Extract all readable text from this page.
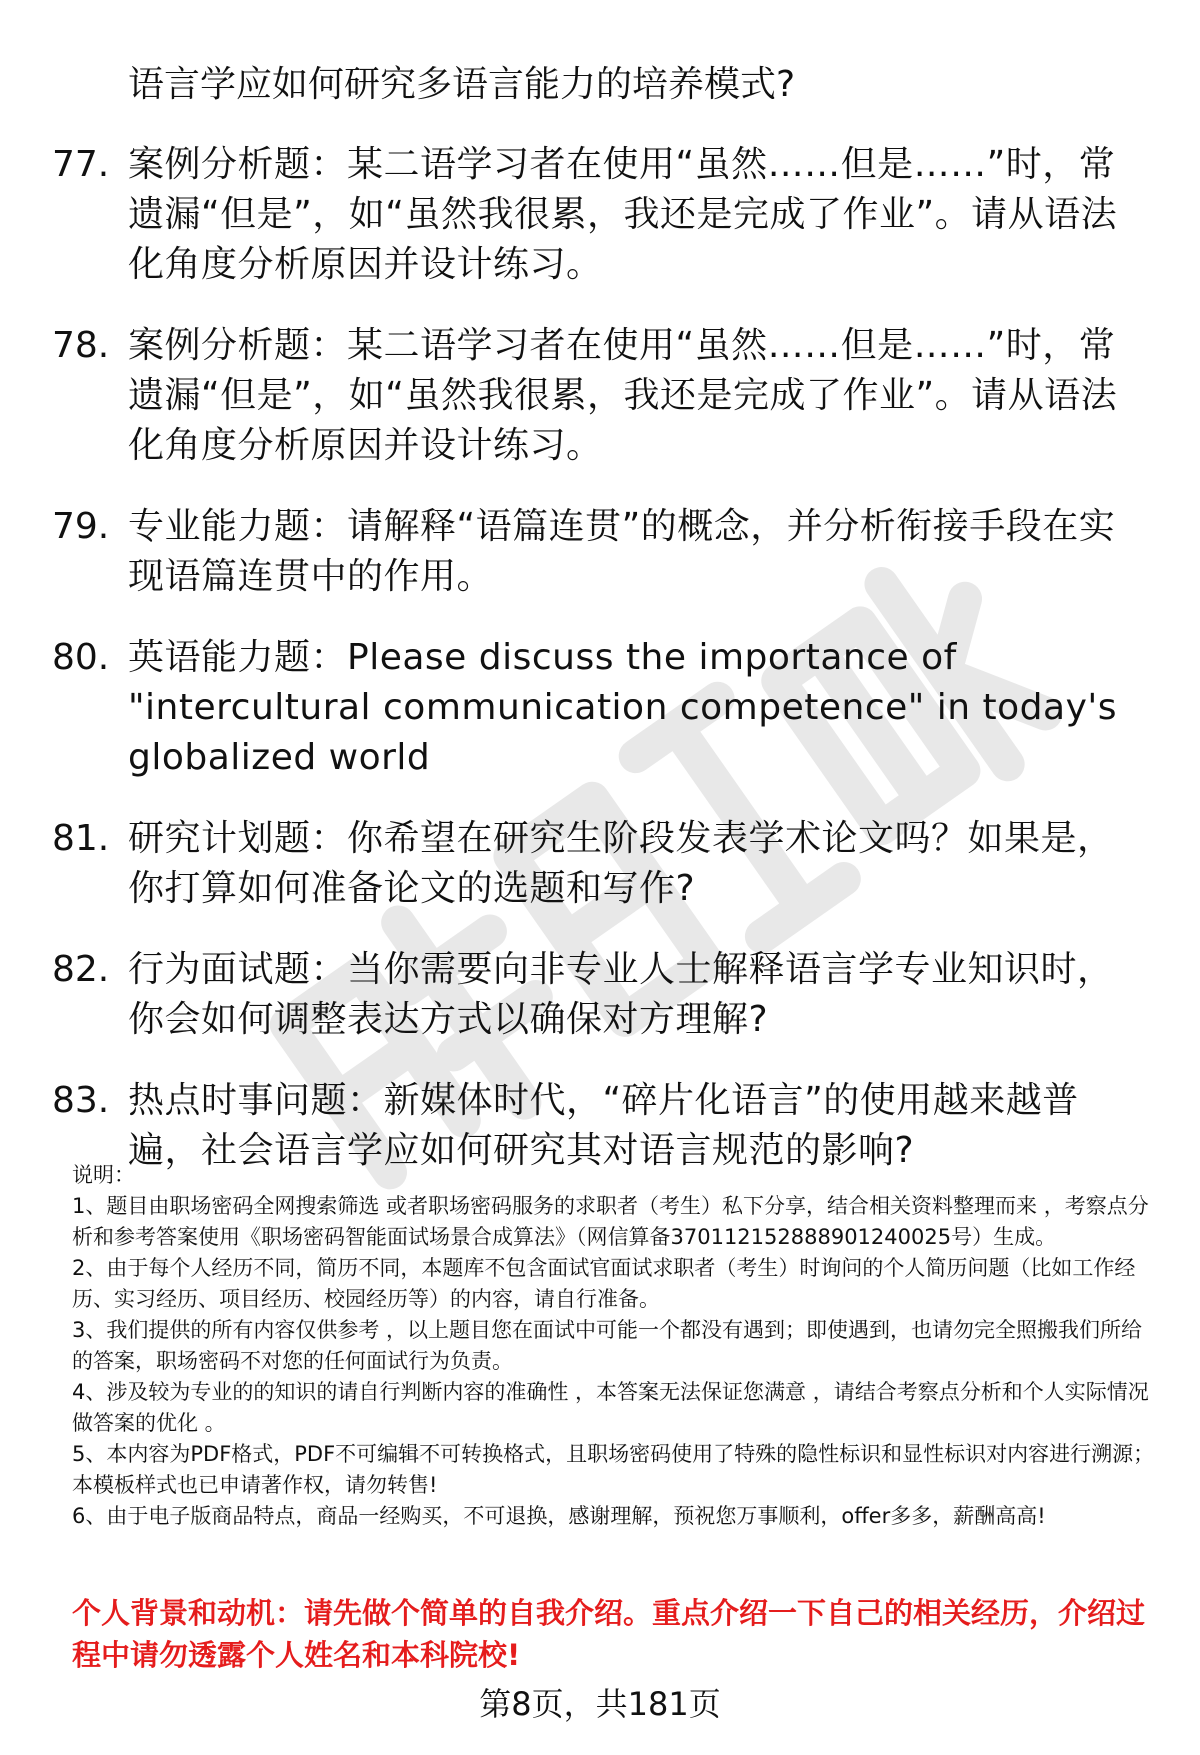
语言学应如何研究多语言能力的培养模式?
77. 案例分析题：某二语学习者在使用“虽然……但是……”时，常遗漏“但是”，如“虽然我很累，我还是完成了作业”。请从语法化角度分析原因并设计练习。
78. 案例分析题：某二语学习者在使用“虽然……但是……”时，常遗漏“但是”，如“虽然我很累，我还是完成了作业”。请从语法化角度分析原因并设计练习。
79. 专业能力题：请解释“语篇连贯”的概念，并分析衔接手段在实现语篇连贯中的作用。
80. 英语能力题：Please discuss the importance of "intercultural communication competence" in today's globalized world
81. 研究计划题：你希望在研究生阶段发表学术论文吗？如果是，你打算如何准备论文的选题和写作?
82. 行为面试题：当你需要向非专业人士解释语言学专业知识时，你会如何调整表达方式以确保对方理解?
83. 热点时事问题：新媒体时代，“碎片化语言”的使用越来越普遍，社会语言学应如何研究其对语言规范的影响?

说明：

1、题目由职场密码全网搜索筛选 或者职场密码服务的求职者（考生）私下分享，结合相关资料整理而来 ，考察点分析和参考答案使用《职场密码智能面试场景合成算法》（网信算备370112152888901240025号）生成。

2、由于每个人经历不同，简历不同，本题库不包含面试官面试求职者（考生）时询问的个人简历问题（比如工作经历、实习经历、项目经历、校园经历等）的内容，请自行准备。

3、我们提供的所有内容仅供参考 ，以上题目您在面试中可能一个都没有遇到；即使遇到，也请勿完全照搬我们所给的答案，职场密码不对您的任何面试行为负责。

4、涉及较为专业的的知识的请自行判断内容的准确性 ，本答案无法保证您满意 ，请结合考察点分析和个人实际情况做答案的优化 。

5、本内容为PDF格式，PDF不可编辑不可转换格式，且职场密码使用了特殊的隐性标识和显性标识对内容进行溯源；本模板样式也已申请著作权，请勿转售!

6、由于电子版商品特点，商品一经购买，不可退换，感谢理解，预祝您万事顺利，offer多多，薪酬高高!

个人背景和动机：请先做个简单的自我介绍。重点介绍一下自己的相关经历，介绍过程中请勿透露个人姓名和本科院校!
第8页，共181页
